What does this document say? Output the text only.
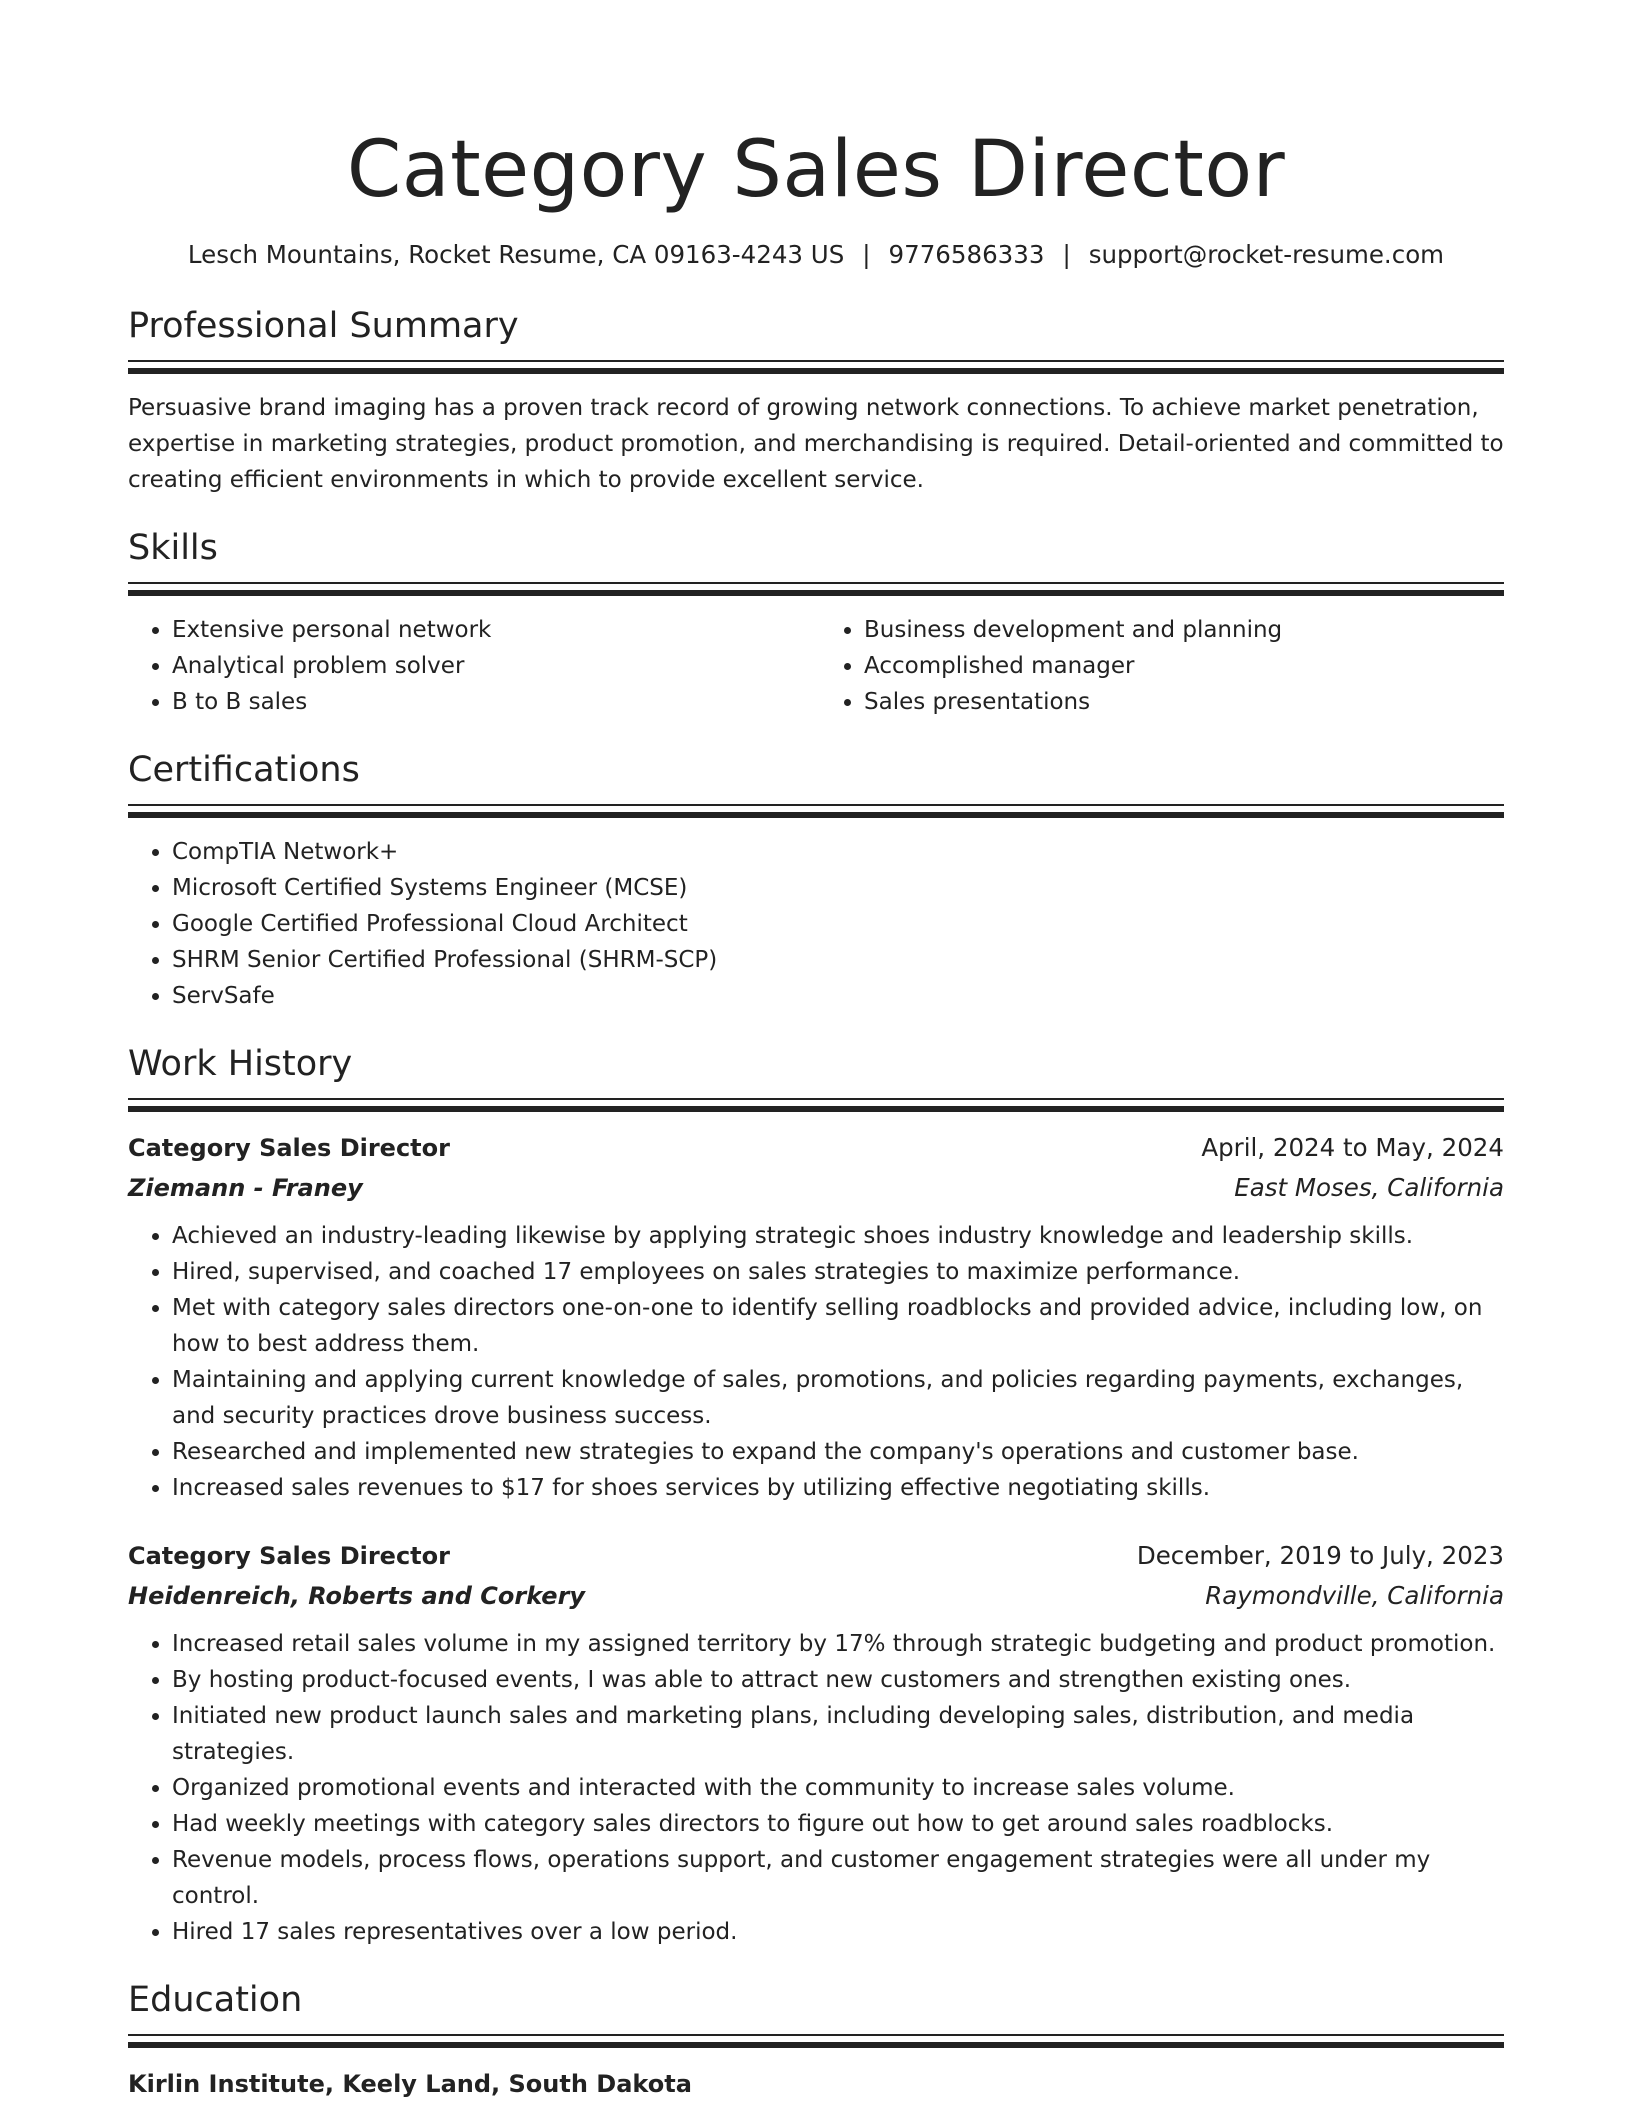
Category Sales Director
Lesch Mountains, Rocket Resume, CA 09163-4243 US | 9776586333 | support@rocket-resume.com
Professional Summary

Persuasive brand imaging has a proven track record of growing network connections. To achieve market penetration, expertise in marketing strategies, product promotion, and merchandising is required. Detail-oriented and committed to creating efficient environments in which to provide excellent service.

Skills
• Extensive personal network
• Analytical problem solver
• B to B sales
• Business development and planning
• Accomplished manager
• Sales presentations
Certifications
• CompTIA Network+
• Microsoft Certified Systems Engineer (MCSE)
• Google Certified Professional Cloud Architect
• SHRM Senior Certified Professional (SHRM-SCP)
• ServSafe
Work History
Category Sales Director	April, 2024 to May, 2024
Ziemann - Franey	East Moses, California
• Achieved an industry-leading likewise by applying strategic shoes industry knowledge and leadership skills.
• Hired, supervised, and coached 17 employees on sales strategies to maximize performance.
• Met with category sales directors one-on-one to identify selling roadblocks and provided advice, including low, on how to best address them.
• Maintaining and applying current knowledge of sales, promotions, and policies regarding payments, exchanges, and security practices drove business success.
• Researched and implemented new strategies to expand the company's operations and customer base.
• Increased sales revenues to $17 for shoes services by utilizing effective negotiating skills.
Category Sales Director	December, 2019 to July, 2023
Heidenreich, Roberts and Corkery	Raymondville, California
• Increased retail sales volume in my assigned territory by 17% through strategic budgeting and product promotion.
• By hosting product-focused events, I was able to attract new customers and strengthen existing ones.
• Initiated new product launch sales and marketing plans, including developing sales, distribution, and media strategies.
• Organized promotional events and interacted with the community to increase sales volume.
• Had weekly meetings with category sales directors to figure out how to get around sales roadblocks.
• Revenue models, process flows, operations support, and customer engagement strategies were all under my control.
• Hired 17 sales representatives over a low period.
Education
Kirlin Institute, Keely Land, South Dakota
